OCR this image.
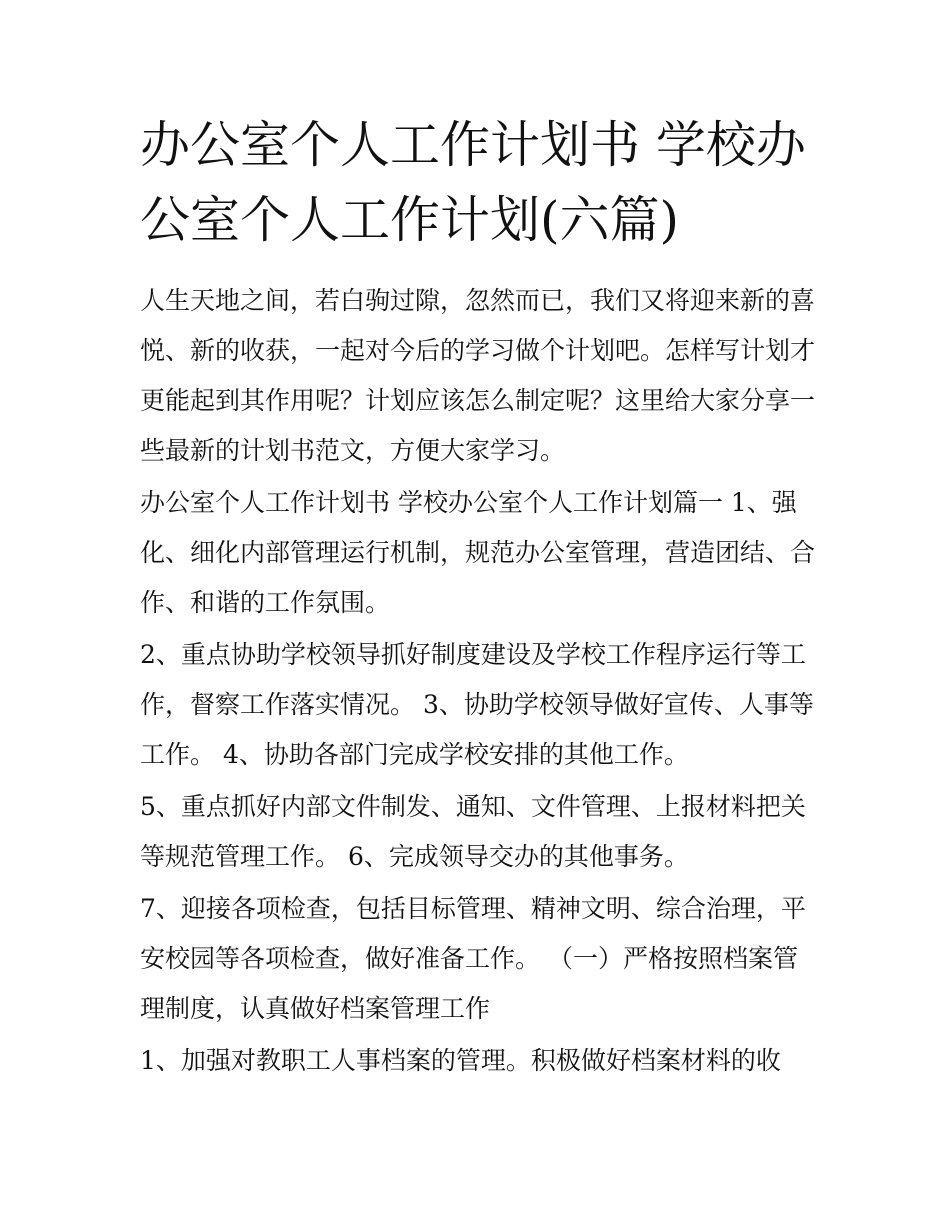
办公室个人工作计划书 学校办
公室个人工作计划(六篇)

人生天地之间，若白驹过隙，忽然而已，我们又将迎来新的喜

悦、新的收获，一起对今后的学习做个计划吧。怎样写计划才

更能起到其作用呢？计划应该怎么制定呢？这里给大家分享一

些最新的计划书范文，方便大家学习。

办公室个人工作计划书 学校办公室个人工作计划篇一 1、强

化、细化内部管理运行机制，规范办公室管理，营造团结、合

作、和谐的工作氛围。

2、重点协助学校领导抓好制度建设及学校工作程序运行等工

作，督察工作落实情况。 3、协助学校领导做好宣传、人事等

工作。 4、协助各部门完成学校安排的其他工作。

5、重点抓好内部文件制发、通知、文件管理、上报材料把关

等规范管理工作。 6、完成领导交办的其他事务。

7、迎接各项检查，包括目标管理、精神文明、综合治理，平

安校园等各项检查，做好准备工作。 （一）严格按照档案管

理制度，认真做好档案管理工作

1、加强对教职工人事档案的管理。积极做好档案材料的收
